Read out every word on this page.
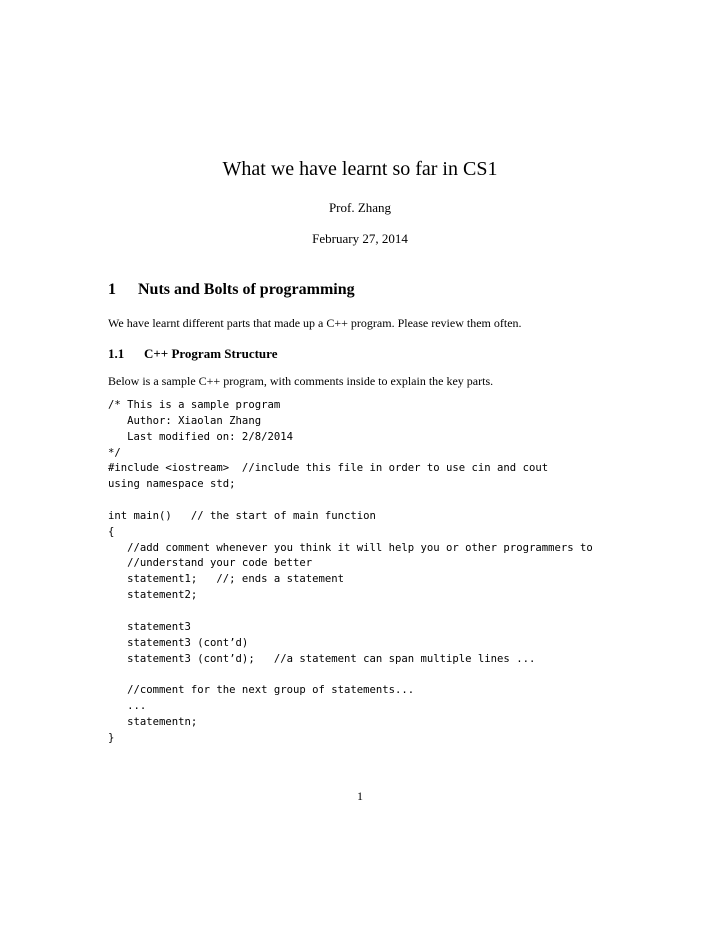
What we have learnt so far in CS1
Prof. Zhang
February 27, 2014
1 Nuts and Bolts of programming
We have learnt different parts that made up a C++ program. Please review them often.
1.1 C++ Program Structure
Below is a sample C++ program, with comments inside to explain the key parts.
/* This is a sample program
Author: Xiaolan Zhang
Last modified on: 2/8/2014
*/
#include <iostream>  //include this file in order to use cin and cout
using namespace std;
int main()   // the start of main function
{
//add comment whenever you think it will help you or other programmers to
//understand your code better
statement1;   //; ends a statement
statement2;
statement3
statement3 (cont’d)
statement3 (cont’d);   //a statement can span multiple lines ...
//comment for the next group of statements...
...
statementn;
}
1
